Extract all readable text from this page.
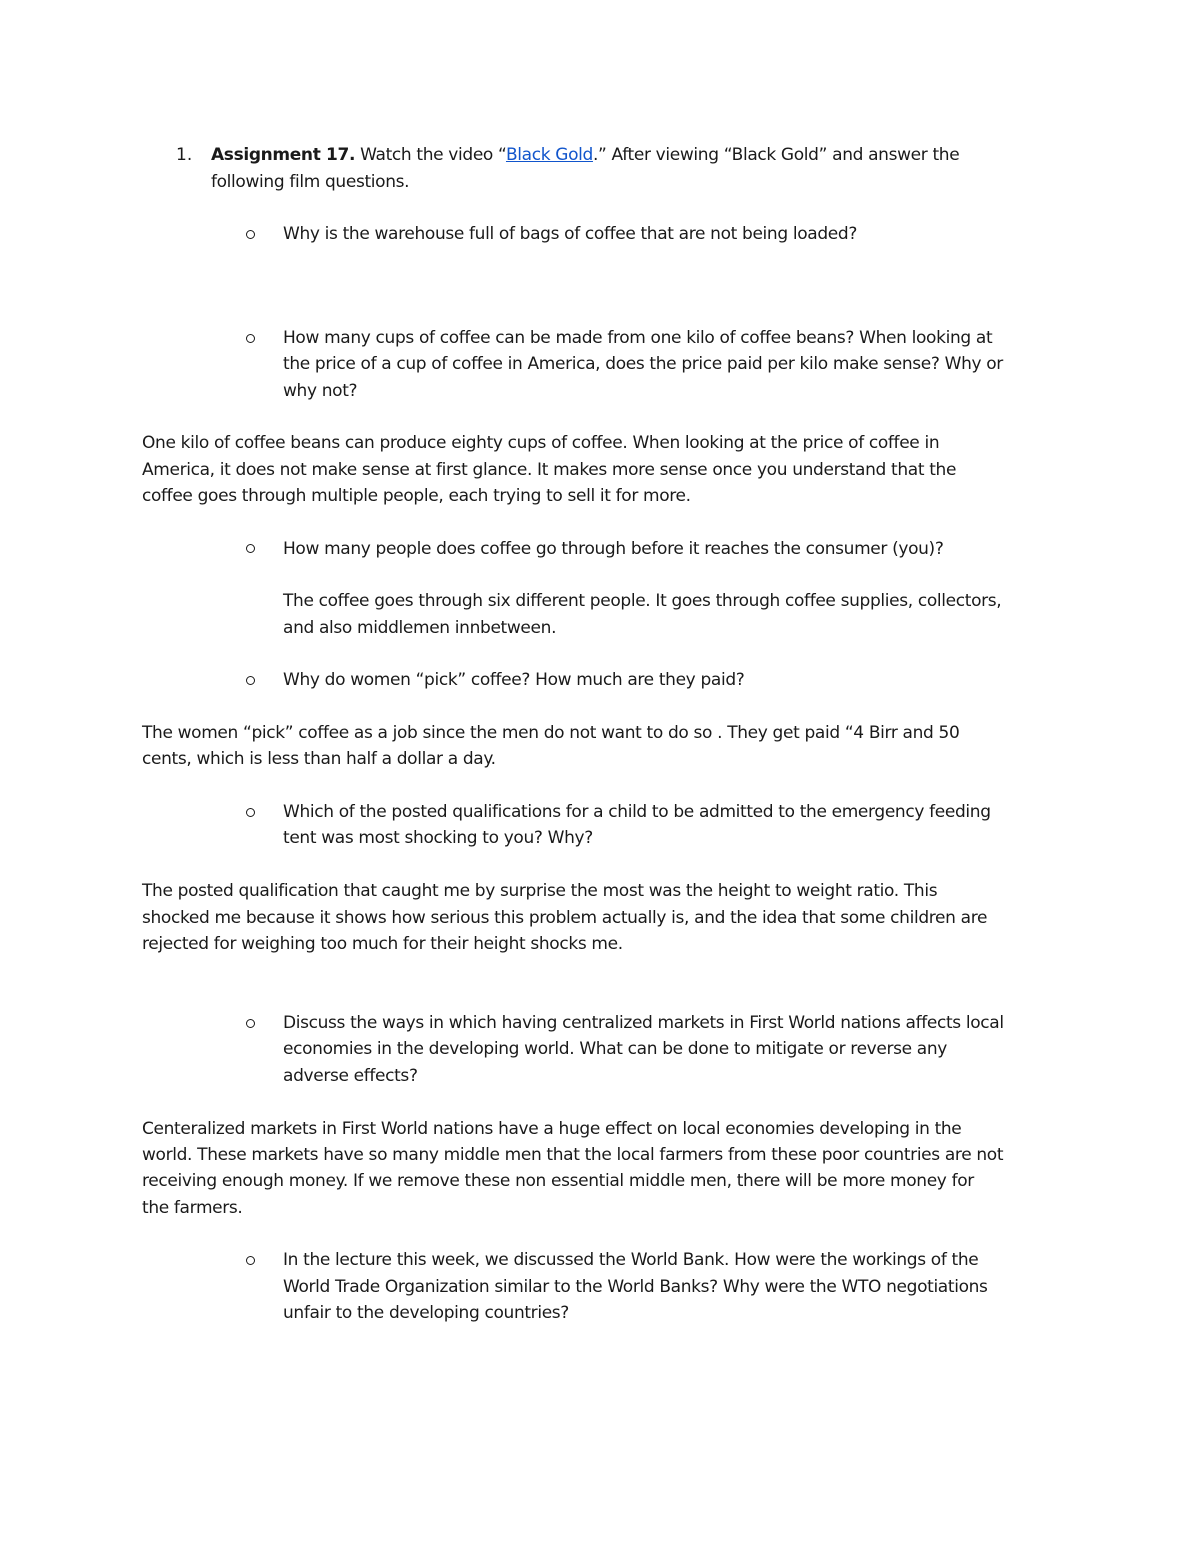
1. Assignment 17. Watch the video “Black Gold.” After viewing “Black Gold” and answer the
following film questions.
Why is the warehouse full of bags of coffee that are not being loaded?
How many cups of coffee can be made from one kilo of coffee beans? When looking at
the price of a cup of coffee in America, does the price paid per kilo make sense? Why or
why not?
One kilo of coffee beans can produce eighty cups of coffee. When looking at the price of coffee in
America, it does not make sense at first glance. It makes more sense once you understand that the
coffee goes through multiple people, each trying to sell it for more.
How many people does coffee go through before it reaches the consumer (you)?
The coffee goes through six different people. It goes through coffee supplies, collectors,
and also middlemen innbetween.
Why do women “pick” coffee? How much are they paid?
The women “pick” coffee as a job since the men do not want to do so . They get paid “4 Birr and 50
cents, which is less than half a dollar a day.
Which of the posted qualifications for a child to be admitted to the emergency feeding
tent was most shocking to you? Why?
The posted qualification that caught me by surprise the most was the height to weight ratio. This
shocked me because it shows how serious this problem actually is, and the idea that some children are
rejected for weighing too much for their height shocks me.
Discuss the ways in which having centralized markets in First World nations affects local
economies in the developing world. What can be done to mitigate or reverse any
adverse effects?
Centeralized markets in First World nations have a huge effect on local economies developing in the
world. These markets have so many middle men that the local farmers from these poor countries are not
receiving enough money. If we remove these non essential middle men, there will be more money for
the farmers.
In the lecture this week, we discussed the World Bank. How were the workings of the
World Trade Organization similar to the World Banks? Why were the WTO negotiations
unfair to the developing countries?
